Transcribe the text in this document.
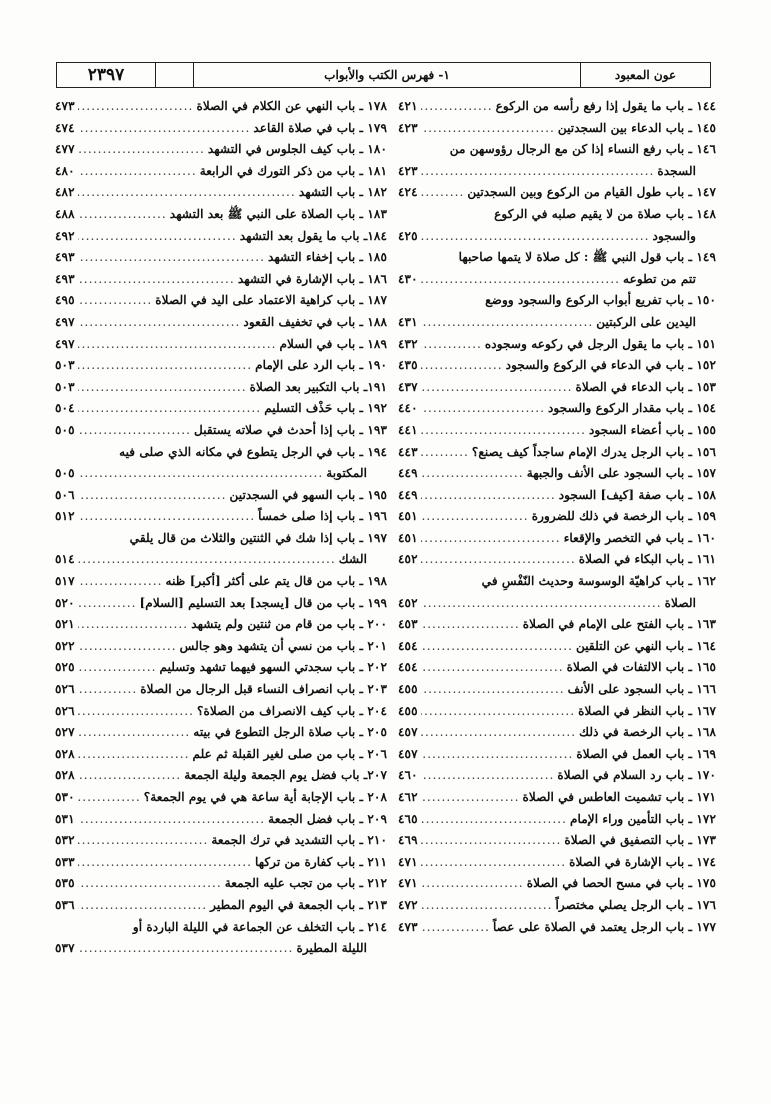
عون المعبود
١- فهرس الكتب والأبواب
٢٣٩٧
١٤٤ ـ باب ما يقول إذا رفع رأسه من الركوع
.....
٤٢١
١٤٥ ـ باب الدعاء بين السجدتين
.....
٤٢٣
١٤٦ ـ باب رفع النساء إذا كن مع الرجال رؤوسهن من
السجدة
.....
٤٢٣
١٤٧ ـ باب طول القيام من الركوع وبين السجدتين
.....
٤٢٤
١٤٨ ـ باب صلاة من لا يقيم صلبه في الركوع
والسجود
.....
٤٢٥
١٤٩ ـ باب قول النبي ﷺ : كل صلاة لا يتمها صاحبها
تتم من تطوعه
.....
٤٣٠
١٥٠ ـ باب تفريع أبواب الركوع والسجود ووضع
اليدين على الركبتين
.....
٤٣١
١٥١ ـ باب ما يقول الرجل في ركوعه وسجوده
.....
٤٣٢
١٥٢ ـ باب في الدعاء في الركوع والسجود
.....
٤٣٥
١٥٣ ـ باب الدعاء في الصلاة
.....
٤٣٧
١٥٤ ـ باب مقدار الركوع والسجود
.....
٤٤٠
١٥٥ ـ باب أعضاء السجود
.....
٤٤١
١٥٦ ـ باب الرجل يدرك الإمام ساجداً كيف يصنع؟
.....
٤٤٣
١٥٧ ـ باب السجود على الأنف والجبهة
.....
٤٤٩
١٥٨ ـ باب صفة [كيف] السجود
.....
٤٤٩
١٥٩ ـ باب الرخصة في ذلك للضرورة
.....
٤٥١
١٦٠ ـ باب في التخصر والإقعاء
.....
٤٥١
١٦١ ـ باب البكاء في الصلاة
.....
٤٥٢
١٦٢ ـ باب كراهيّة الوسوسة وحديث النّفْسِ في
الصلاة
.....
٤٥٢
١٦٣ ـ باب الفتح على الإمام في الصلاة
.....
٤٥٣
١٦٤ ـ باب النهي عن التلقين
.....
٤٥٤
١٦٥ ـ باب الالتفات في الصلاة
.....
٤٥٤
١٦٦ ـ باب السجود على الأنف
.....
٤٥٥
١٦٧ ـ باب النظر في الصلاة
.....
٤٥٥
١٦٨ ـ باب الرخصة في ذلك
.....
٤٥٧
١٦٩ ـ باب العمل في الصلاة
.....
٤٥٧
١٧٠ ـ باب رد السلام في الصلاة
.....
٤٦٠
١٧١ ـ باب تشميت العاطس في الصلاة
.....
٤٦٢
١٧٢ ـ باب التأمين وراء الإمام
.....
٤٦٥
١٧٣ ـ باب التصفيق في الصلاة
.....
٤٦٩
١٧٤ ـ باب الإشارة في الصلاة
.....
٤٧١
١٧٥ ـ باب في مسح الحصا في الصلاة
.....
٤٧١
١٧٦ ـ باب الرجل يصلي مختصراً
.....
٤٧٢
١٧٧ ـ باب الرجل يعتمد في الصلاة على عصاً
.....
٤٧٣
١٧٨ ـ باب النهي عن الكلام في الصلاة
.....
٤٧٣
١٧٩ ـ باب في صلاة القاعد
.....
٤٧٤
١٨٠ ـ باب كيف الجلوس في التشهد
.....
٤٧٧
١٨١ ـ باب من ذكر التورك في الرابعة
.....
٤٨٠
١٨٢ ـ باب التشهد
.....
٤٨٢
١٨٣ ـ باب الصلاة على النبي ﷺ بعد التشهد
.....
٤٨٨
١٨٤ـ باب ما يقول بعد التشهد
.....
٤٩٢
١٨٥ ـ باب إخفاء التشهد
.....
٤٩٣
١٨٦ ـ باب الإشارة في التشهد
.....
٤٩٣
١٨٧ ـ باب كراهية الاعتماد على اليد في الصلاة
.....
٤٩٥
١٨٨ ـ باب في تخفيف القعود
.....
٤٩٧
١٨٩ ـ باب في السلام
.....
٤٩٧
١٩٠ ـ باب الرد على الإمام
.....
٥٠٣
١٩١ـ باب التكبير بعد الصلاة
.....
٥٠٣
١٩٢ ـ باب حَذْف التسليم
.....
٥٠٤
١٩٣ ـ باب إذا أحدث في صلاته يستقبل
.....
٥٠٥
١٩٤ ـ باب في الرجل يتطوع في مكانه الذي صلى فيه
المكتوبة
.....
٥٠٥
١٩٥ ـ باب السهو في السجدتين
.....
٥٠٦
١٩٦ ـ باب إذا صلى خمساً
.....
٥١٢
١٩٧ ـ باب إذا شك في الثنتين والثلاث من قال يلقي
الشك
.....
٥١٤
١٩٨ ـ باب من قال يتم على أكثر [أكبر] ظنه
.....
٥١٧
١٩٩ ـ باب من قال [يسجد] بعد التسليم [السلام]
.....
٥٢٠
٢٠٠ ـ باب من قام من ثنتين ولم يتشهد
.....
٥٢١
٢٠١ ـ باب من نسي أن يتشهد وهو جالس
.....
٥٢٢
٢٠٢ ـ باب سجدتي السهو فيهما تشهد وتسليم
.....
٥٢٥
٢٠٣ ـ باب انصراف النساء قبل الرجال من الصلاة
.....
٥٢٦
٢٠٤ ـ باب كيف الانصراف من الصلاة؟
.....
٥٢٦
٢٠٥ ـ باب صلاة الرجل التطوع في بيته
.....
٥٢٧
٢٠٦ ـ باب من صلى لغير القبلة ثم علم
.....
٥٢٨
٢٠٧ـ باب فضل يوم الجمعة وليلة الجمعة
.....
٥٢٨
٢٠٨ ـ باب الإجابة أية ساعة هي في يوم الجمعة؟
.....
٥٣٠
٢٠٩ ـ باب فضل الجمعة
.....
٥٣١
٢١٠ ـ باب التشديد في ترك الجمعة
.....
٥٣٢
٢١١ ـ باب كفارة من تركها
.....
٥٣٣
٢١٢ ـ باب من تجب عليه الجمعة
.....
٥٣٥
٢١٣ ـ باب الجمعة في اليوم المطير
.....
٥٣٦
٢١٤ ـ باب التخلف عن الجماعة في الليلة الباردة أو
الليلة المطيرة
.....
٥٣٧
